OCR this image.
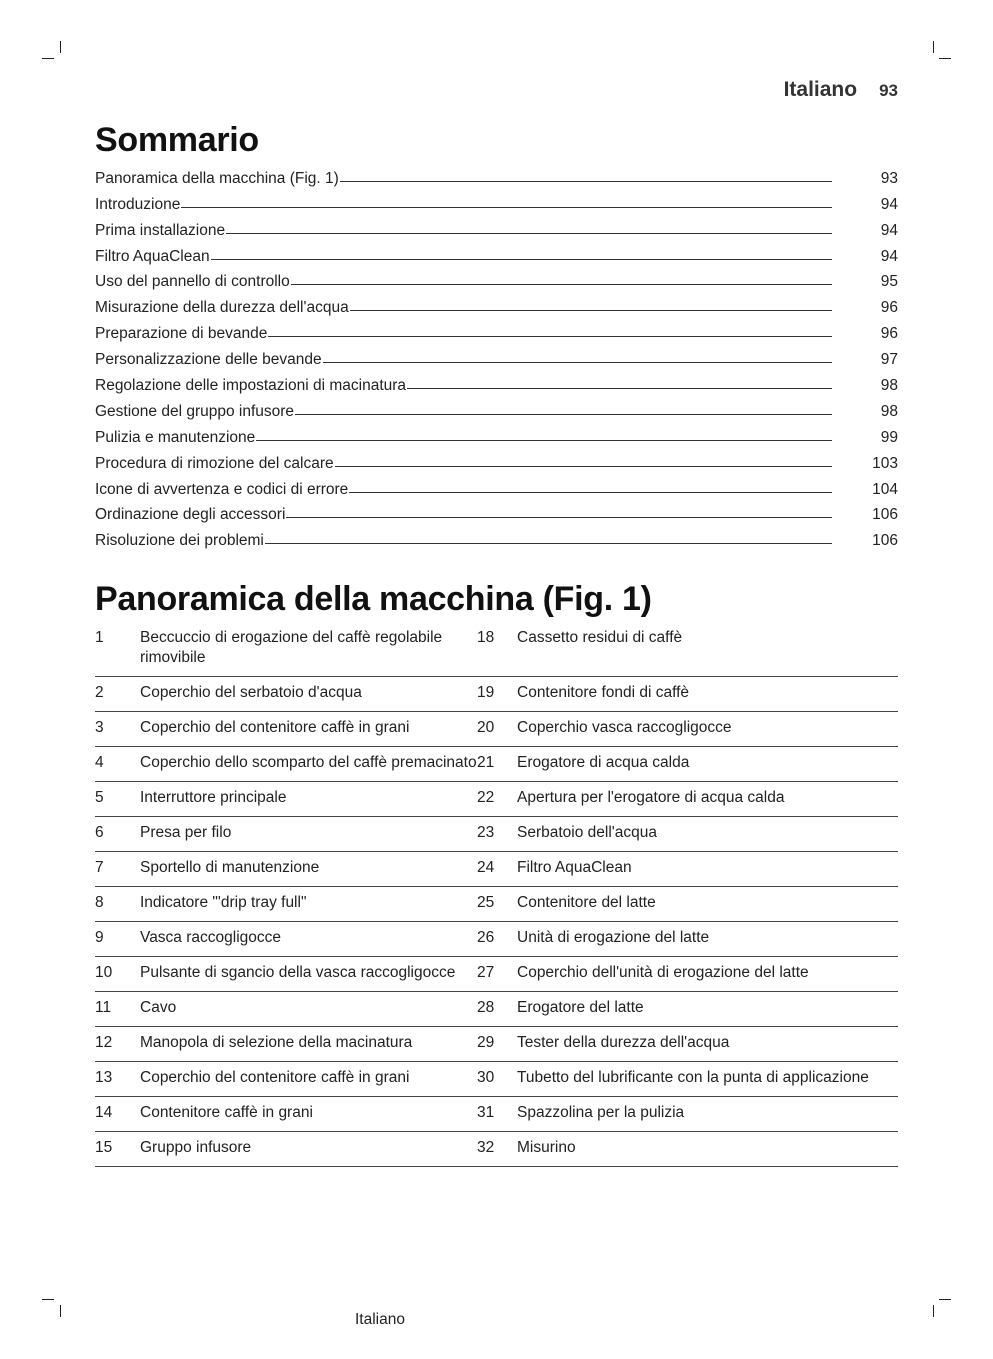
Italiano 93
Sommario
Panoramica della macchina (Fig. 1)	93
Introduzione	94
Prima installazione	94
Filtro AquaClean	94
Uso del pannello di controllo	95
Misurazione della durezza dell'acqua	96
Preparazione di bevande	96
Personalizzazione delle bevande	97
Regolazione delle impostazioni di macinatura	98
Gestione del gruppo infusore	98
Pulizia e manutenzione	99
Procedura di rimozione del calcare	103
Icone di avvertenza e codici di errore	104
Ordinazione degli accessori	106
Risoluzione dei problemi	106
Panoramica della macchina (Fig. 1)
1	Beccuccio di erogazione del caffè regolabile rimovibile	18	Cassetto residui di caffè
2	Coperchio del serbatoio d'acqua	19	Contenitore fondi di caffè
3	Coperchio del contenitore caffè in grani	20	Coperchio vasca raccogligocce
4	Coperchio dello scomparto del caffè premacinato	21	Erogatore di acqua calda
5	Interruttore principale	22	Apertura per l'erogatore di acqua calda
6	Presa per filo	23	Serbatoio dell'acqua
7	Sportello di manutenzione	24	Filtro AquaClean
8	Indicatore "'drip tray full"	25	Contenitore del latte
9	Vasca raccogligocce	26	Unità di erogazione del latte
10	Pulsante di sgancio della vasca raccogligocce	27	Coperchio dell'unità di erogazione del latte
11	Cavo	28	Erogatore del latte
12	Manopola di selezione della macinatura	29	Tester della durezza dell'acqua
13	Coperchio del contenitore caffè in grani	30	Tubetto del lubrificante con la punta di applicazione
14	Contenitore caffè in grani	31	Spazzolina per la pulizia
15	Gruppo infusore	32	Misurino
Italiano
